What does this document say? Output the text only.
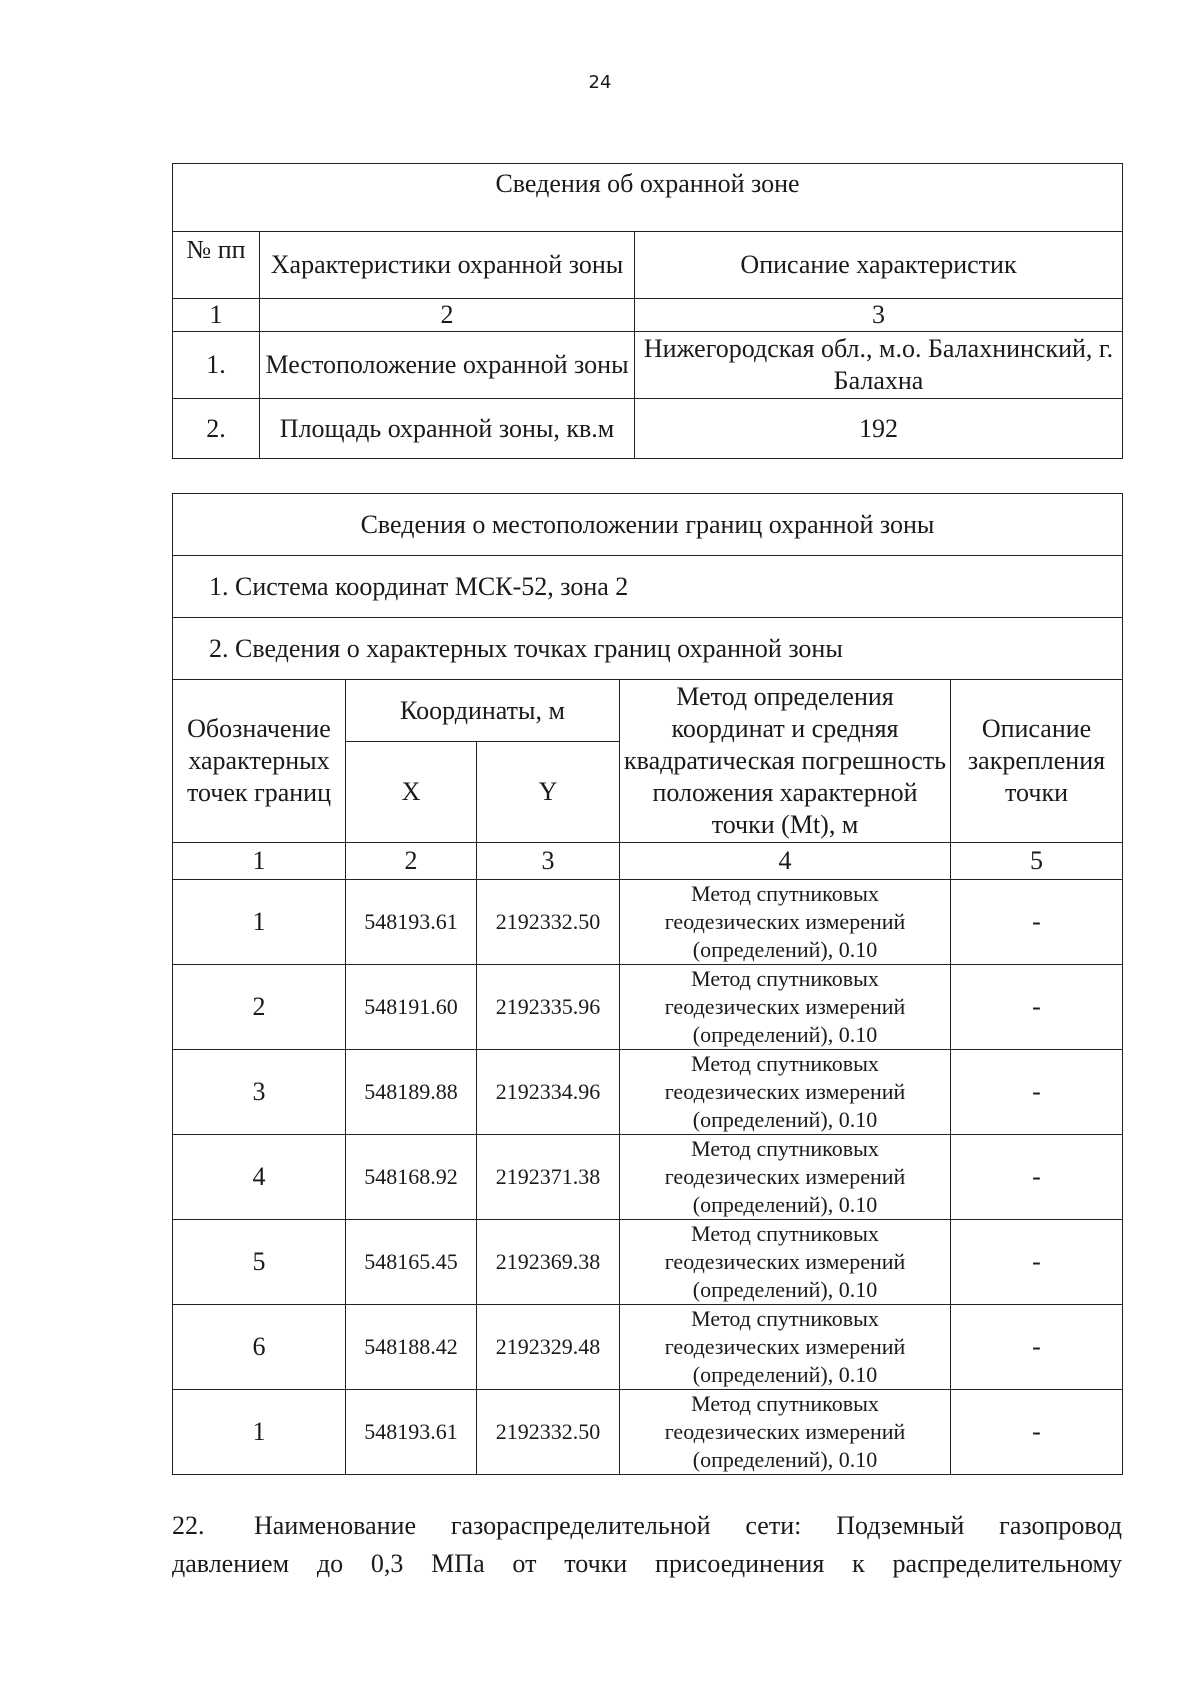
24
Сведения об охранной зоне		
№ пп	Характеристики охранной зоны	Описание характеристик
1	2	3
1.	Местоположение охранной зоны	Нижегородская обл., м.о. Балахнинский, г. Балахна
2.	Площадь охранной зоны, кв.м	192
Сведения о местоположении границ охранной зоны				
1. Система координат МСК-52, зона 2				
2. Сведения о характерных точках границ охранной зоны				
Обозначение характерных точек границ	Координаты, м		Метод определения координат и средняя квадратическая погрешность положения характерной точки (Mt), м	Описание закрепления точки
	X	Y		
1	2	3	4	5
1	548193.61	2192332.50	Метод спутниковых геодезических измерений (определений), 0.10	-
2	548191.60	2192335.96	Метод спутниковых геодезических измерений (определений), 0.10	-
3	548189.88	2192334.96	Метод спутниковых геодезических измерений (определений), 0.10	-
4	548168.92	2192371.38	Метод спутниковых геодезических измерений (определений), 0.10	-
5	548165.45	2192369.38	Метод спутниковых геодезических измерений (определений), 0.10	-
6	548188.42	2192329.48	Метод спутниковых геодезических измерений (определений), 0.10	-
1	548193.61	2192332.50	Метод спутниковых геодезических измерений (определений), 0.10	-
22. Наименование газораспределительной сети: Подземный газопровод
давлением до 0,3 МПа от точки присоединения к распределительному
